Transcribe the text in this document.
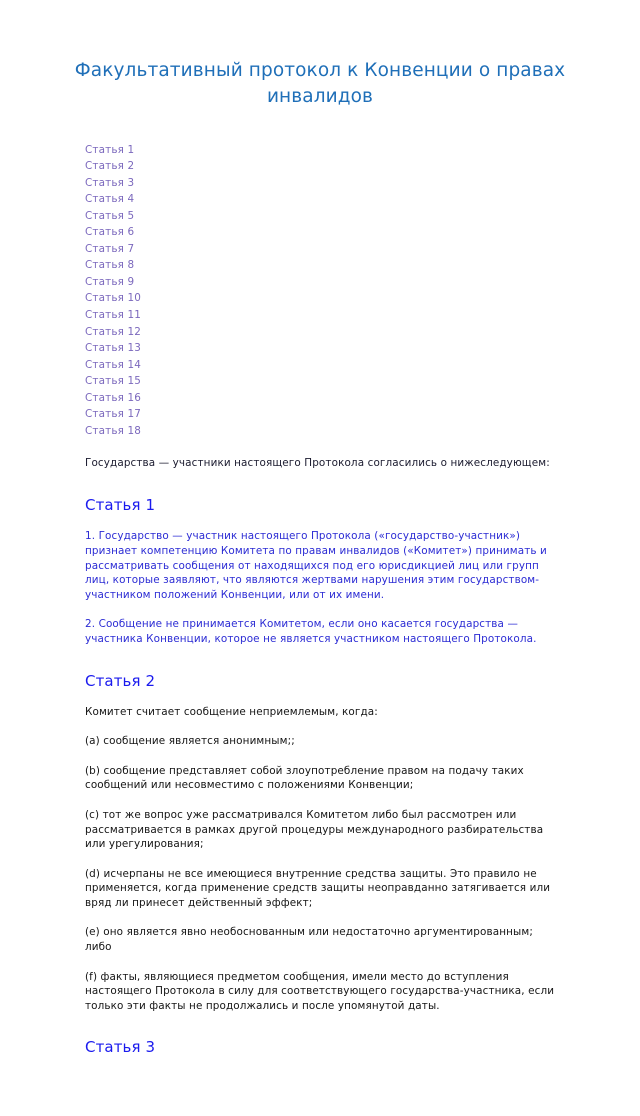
Факультативный протокол к Конвенции о правах инвалидов
Статья 1
Статья 2
Статья 3
Статья 4
Статья 5
Статья 6
Статья 7
Статья 8
Статья 9
Статья 10
Статья 11
Статья 12
Статья 13
Статья 14
Статья 15
Статья 16
Статья 17
Статья 18

Государства — участники настоящего Протокола согласились о нижеследующем:

Статья 1

1. Государство — участник настоящего Протокола («государство-участник») признает компетенцию Комитета по правам инвалидов («Комитет») принимать и рассматривать сообщения от находящихся под его юрисдикцией лиц или групп лиц, которые заявляют, что являются жертвами нарушения этим государством-участником положений Конвенции, или от их имени.

2. Сообщение не принимается Комитетом, если оно касается государства — участника Конвенции, которое не является участником настоящего Протокола.

Статья 2

Комитет считает сообщение неприемлемым, когда:

(a) сообщение является анонимным;;

(b) сообщение представляет собой злоупотребление правом на подачу таких сообщений или несовместимо с положениями Конвенции;

(c) тот же вопрос уже рассматривался Комитетом либо был рассмотрен или рассматривается в рамках другой процедуры международного разбирательства или урегулирования;

(d) исчерпаны не все имеющиеся внутренние средства защиты. Это правило не применяется, когда применение средств защиты неоправданно затягивается или вряд ли принесет действенный эффект;

(e) оно является явно необоснованным или недостаточно аргументированным; либо

(f) факты, являющиеся предметом сообщения, имели место до вступления настоящего Протокола в силу для соответствующего государства-участника, если только эти факты не продолжались и после упомянутой даты.

Статья 3
